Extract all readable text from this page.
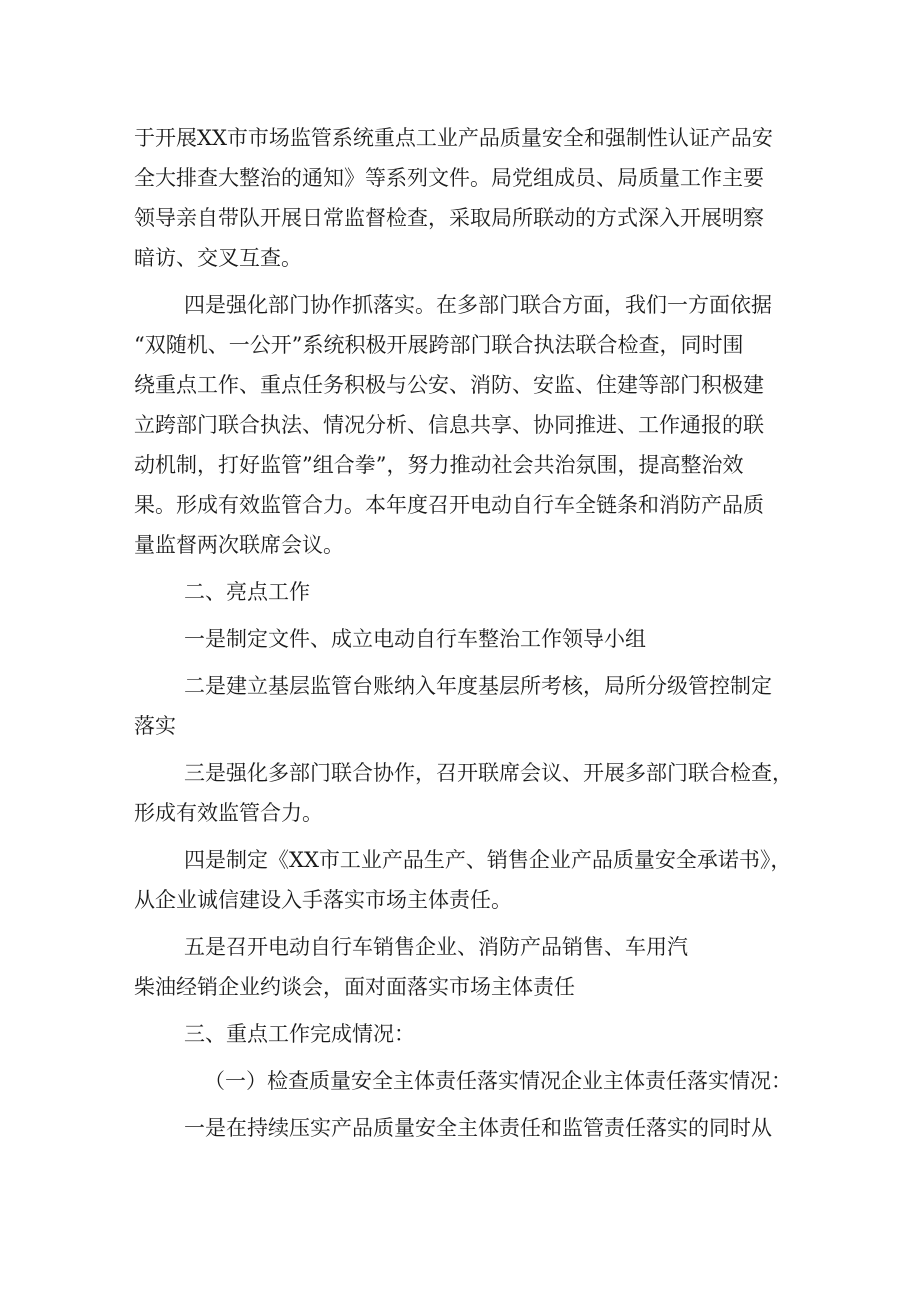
于开展XX市市场监管系统重点工业产品质量安全和强制性认证产品安
全大排查大整治的通知》等系列文件。局党组成员、局质量工作主要
领导亲自带队开展日常监督检查，采取局所联动的方式深入开展明察
暗访、交叉互查。
四是强化部门协作抓落实。在多部门联合方面，我们一方面依据
“双随机、一公开”系统积极开展跨部门联合执法联合检查，同时围
绕重点工作、重点任务积极与公安、消防、安监、住建等部门积极建
立跨部门联合执法、情况分析、信息共享、协同推进、工作通报的联
动机制，打好监管”组合拳”，努力推动社会共治氛围，提高整治效
果。形成有效监管合力。本年度召开电动自行车全链条和消防产品质
量监督两次联席会议。
二、亮点工作
一是制定文件、成立电动自行车整治工作领导小组
二是建立基层监管台账纳入年度基层所考核，局所分级管控制定
落实
三是强化多部门联合协作，召开联席会议、开展多部门联合检查，
形成有效监管合力。
四是制定《XX市工业产品生产、销售企业产品质量安全承诺书》，
从企业诚信建设入手落实市场主体责任。
五是召开电动自行车销售企业、消防产品销售、车用汽
柴油经销企业约谈会，面对面落实市场主体责任
三、重点工作完成情况：
（一）检查质量安全主体责任落实情况企业主体责任落实情况：
一是在持续压实产品质量安全主体责任和监管责任落实的同时从
